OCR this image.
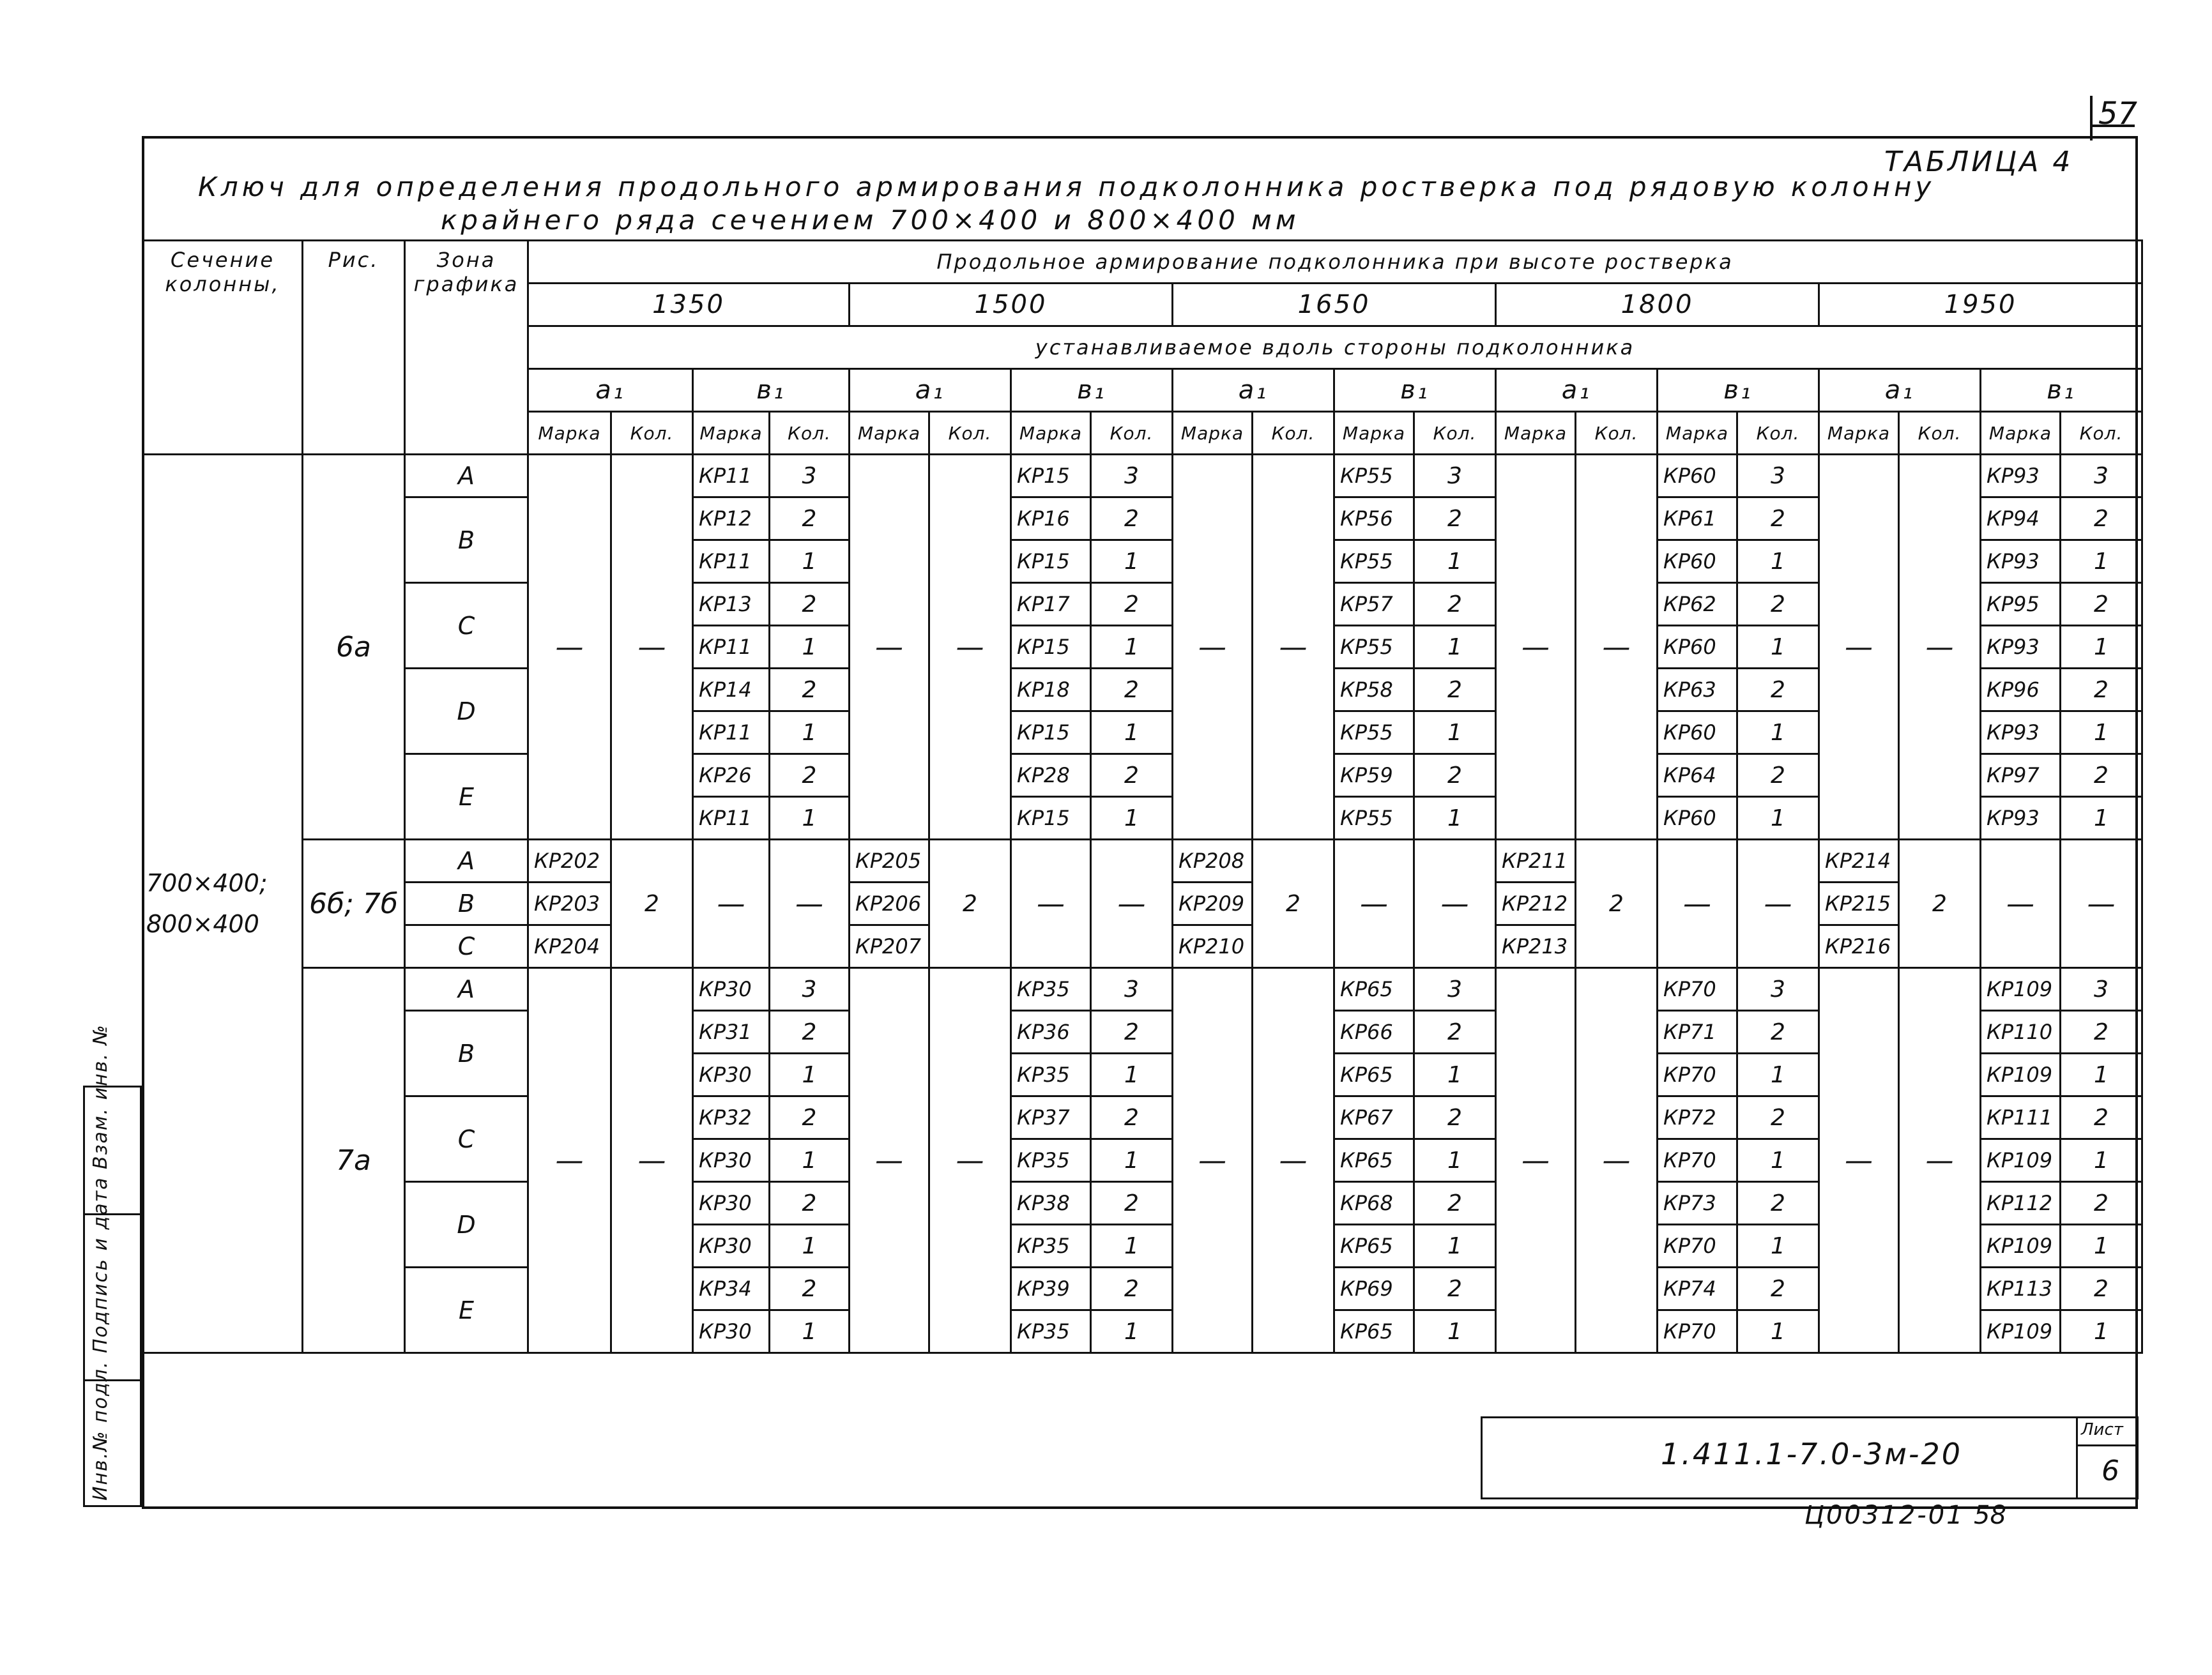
57
ТАБЛИЦА 4
Ключ для определения продольного армирования подколонника ростверка под рядовую колонну
крайнего ряда сечением 700×400 и 800×400 мм
Сечение колонны,	Рис.	Зона графика	Продольное армирование подколонника при высоте ростверка																			
			1350				1500				1650				1800				1950			
			устанавливаемое вдоль стороны подколонника																			
			a₁		в₁		a₁		в₁		a₁		в₁		a₁		в₁		a₁		в₁	
			Марка	Кол.	Марка	Кол.	Марка	Кол.	Марка	Кол.	Марка	Кол.	Марка	Кол.	Марка	Кол.	Марка	Кол.	Марка	Кол.	Марка	Кол.

700×400;
800×400	6а	А	—	—	КР11	3	—	—	КР15	3	—	—	КР55	3	—	—	КР60	3	—	—	КР93	3
		В			КР12	2			КР16	2			КР56	2			КР61	2			КР94	2
					КР11	1			КР15	1			КР55	1			КР60	1			КР93	1
		С			КР13	2			КР17	2			КР57	2			КР62	2			КР95	2
					КР11	1			КР15	1			КР55	1			КР60	1			КР93	1
		D			КР14	2			КР18	2			КР58	2			КР63	2			КР96	2
					КР11	1			КР15	1			КР55	1			КР60	1			КР93	1
		Е			КР26	2			КР28	2			КР59	2			КР64	2			КР97	2
					КР11	1			КР15	1			КР55	1			КР60	1			КР93	1
	6б; 7б	А	КР202	2	—	—	КР205	2	—	—	КР208	2	—	—	КР211	2	—	—	КР214	2	—	—
		В	КР203				КР206				КР209				КР212				КР215			
		С	КР204				КР207				КР210				КР213				КР216			
	7а	А	—	—	КР30	3	—	—	КР35	3	—	—	КР65	3	—	—	КР70	3	—	—	КР109	3
		В			КР31	2			КР36	2			КР66	2			КР71	2			КР110	2
					КР30	1			КР35	1			КР65	1			КР70	1			КР109	1
		С			КР32	2			КР37	2			КР67	2			КР72	2			КР111	2
					КР30	1			КР35	1			КР65	1			КР70	1			КР109	1
		D			КР30	2			КР38	2			КР68	2			КР73	2			КР112	2
					КР30	1			КР35	1			КР65	1			КР70	1			КР109	1
		Е			КР34	2			КР39	2			КР69	2			КР74	2			КР113	2
					КР30	1			КР35	1			КР65	1			КР70	1			КР109	1
Инв.№ подл. Подпись и дата Взам. инв. №	1.411.1-7.0-3м-20
Лист
6
Ц00312-01 58
